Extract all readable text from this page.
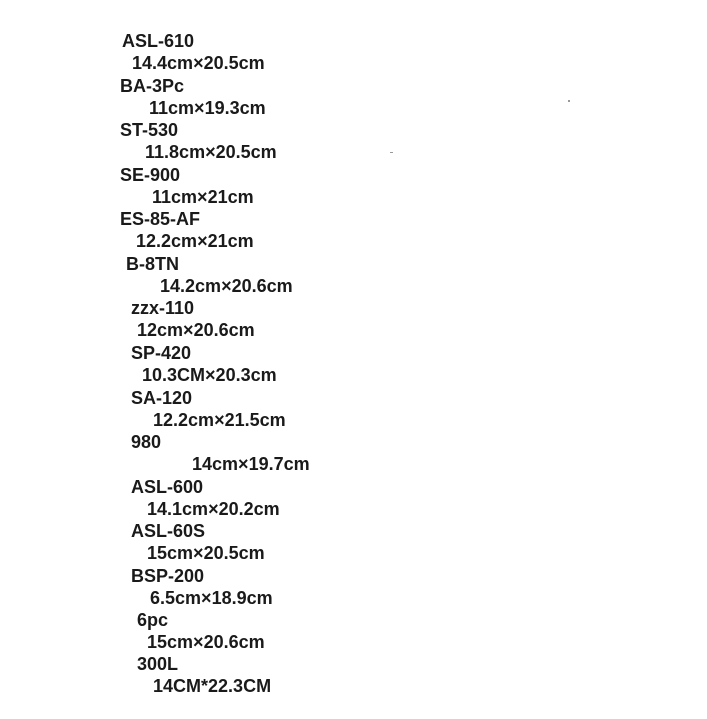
ASL-610
14.4cm×20.5cm

BA-3Pc
11cm×19.3cm

ST-530
11.8cm×20.5cm

SE-900
11cm×21cm

ES-85-AF
12.2cm×21cm

B-8TN
14.2cm×20.6cm

zzx-110
12cm×20.6cm

SP-420
10.3CM×20.3cm

SA-120
12.2cm×21.5cm

980
14cm×19.7cm

ASL-600
14.1cm×20.2cm

ASL-60S
15cm×20.5cm

BSP-200
6.5cm×18.9cm

6pc
15cm×20.6cm

300L
14CM*22.3CM
